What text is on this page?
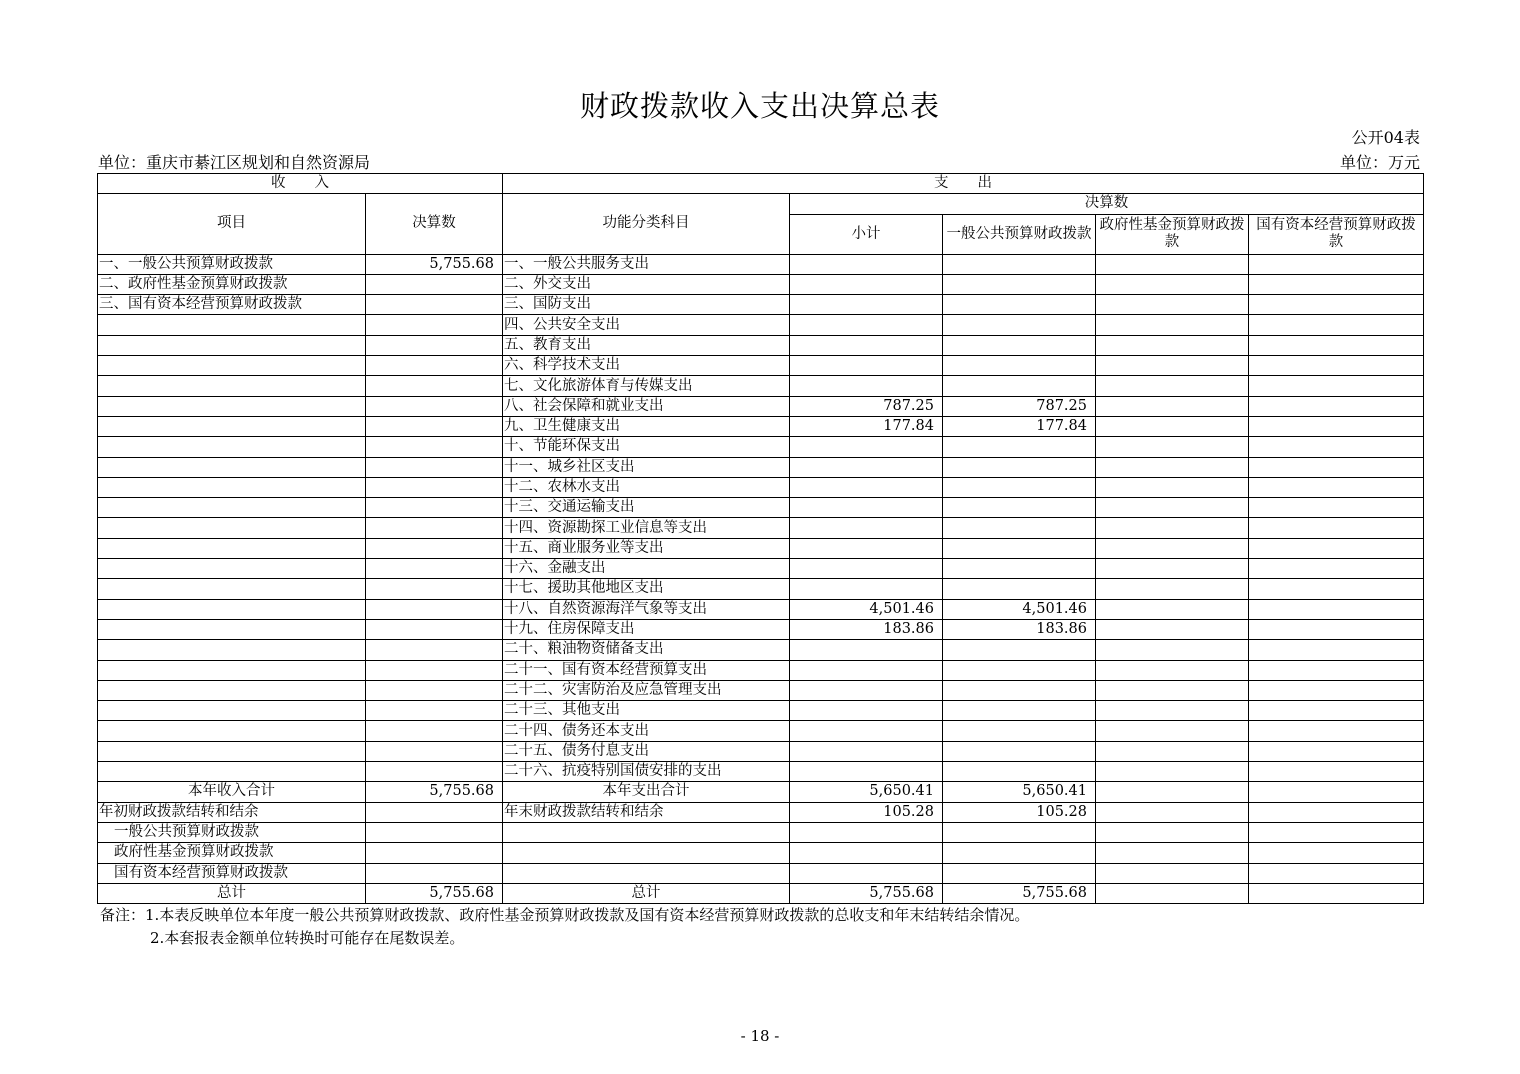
财政拨款收入支出决算总表
公开04表
单位：重庆市綦江区规划和自然资源局	单位：万元
收　　入		支　　出				
项目	决算数	功能分类科目	决算数			
			小计	一般公共预算财政拨款	政府性基金预算财政拨款	国有资本经营预算财政拨款
一、一般公共预算财政拨款	5,755.68	一、一般公共服务支出				
二、政府性基金预算财政拨款		二、外交支出				
三、国有资本经营预算财政拨款		三、国防支出				
		四、公共安全支出				
		五、教育支出				
		六、科学技术支出				
		七、文化旅游体育与传媒支出				
		八、社会保障和就业支出	787.25	787.25		
		九、卫生健康支出	177.84	177.84		
		十、节能环保支出				
		十一、城乡社区支出				
		十二、农林水支出				
		十三、交通运输支出				
		十四、资源勘探工业信息等支出				
		十五、商业服务业等支出				
		十六、金融支出				
		十七、援助其他地区支出				
		十八、自然资源海洋气象等支出	4,501.46	4,501.46		
		十九、住房保障支出	183.86	183.86		
		二十、粮油物资储备支出				
		二十一、国有资本经营预算支出				
		二十二、灾害防治及应急管理支出				
		二十三、其他支出				
		二十四、债务还本支出				
		二十五、债务付息支出				
		二十六、抗疫特别国债安排的支出				
本年收入合计	5,755.68	本年支出合计	5,650.41	5,650.41		
年初财政拨款结转和结余		年末财政拨款结转和结余	105.28	105.28		
一般公共预算财政拨款						
政府性基金预算财政拨款						
国有资本经营预算财政拨款						
总计	5,755.68	总计	5,755.68	5,755.68		
备注：1.本表反映单位本年度一般公共预算财政拨款、政府性基金预算财政拨款及国有资本经营预算财政拨款的总收支和年末结转结余情况。
2.本套报表金额单位转换时可能存在尾数误差。
- 18 -
